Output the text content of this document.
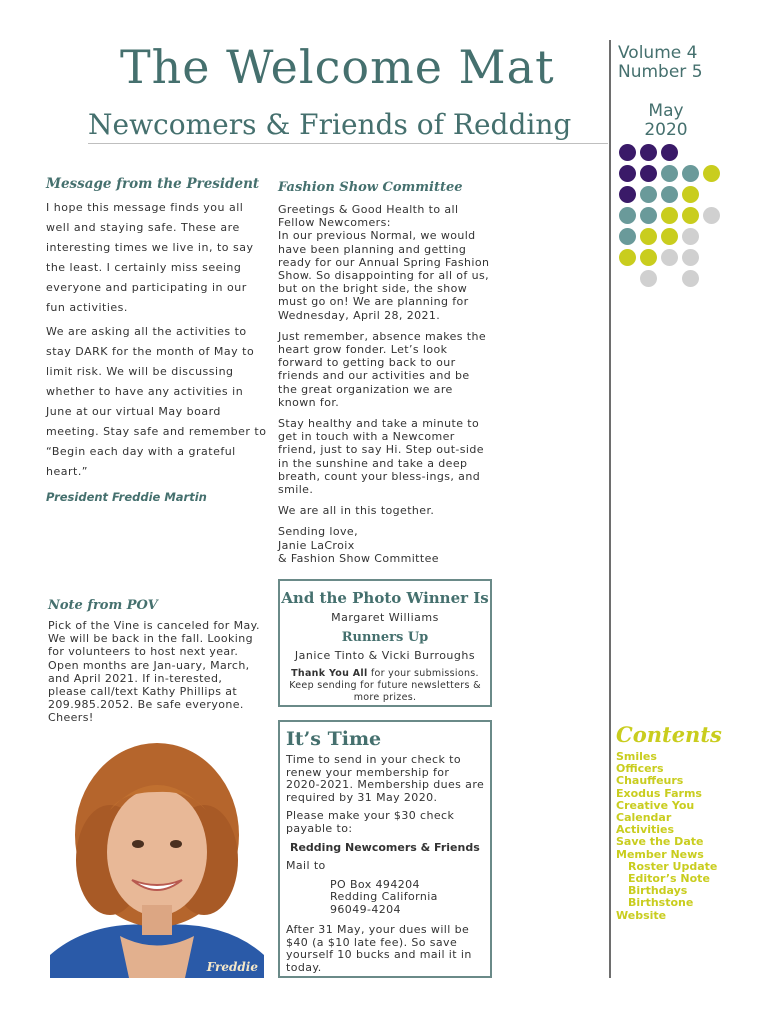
The Welcome Mat
Newcomers & Friends of Redding
Volume 4
Number 5
May
2020
Message from the President

I hope this message finds you all well and staying safe. These are interesting times we live in, to say the least. I certainly miss seeing everyone and participating in our fun activities.

We are asking all the activities to stay DARK for the month of May to limit risk. We will be discussing whether to have any activities in June at our virtual May board meeting. Stay safe and remember to “Begin each day with a grateful heart.”

President Freddie Martin
Fashion Show Committee

Greetings & Good Health to all Fellow Newcomers:
In our previous Normal, we would have been planning and getting ready for our Annual Spring Fashion Show. So disappointing for all of us, but on the bright side, the show must go on! We are planning for Wednesday, April 28, 2021.

Just remember, absence makes the heart grow fonder. Let’s look forward to getting back to our friends and our activities and be the great organization we are known for.

Stay healthy and take a minute to get in touch with a Newcomer friend, just to say Hi. Step out-side in the sunshine and take a deep breath, count your bless-ings, and smile.

We are all in this together.

Sending love,
Janie LaCroix
& Fashion Show Committee

Note from POV

Pick of the Vine is canceled for May. We will be back in the fall. Looking for volunteers to host next year. Open months are Jan-uary, March, and April 2021. If in-terested, please call/text Kathy Phillips at 209.985.2052. Be safe everyone. Cheers!

And the Photo Winner Is
Margaret Williams
Runners Up
Janice Tinto & Vicki Burroughs
Thank You All for your submissions. Keep sending for future newsletters & more prizes.
It’s Time

Time to send in your check to renew your membership for 2020-2021. Membership dues are required by 31 May 2020.

Please make your $30 check payable to:

Redding Newcomers & Friends

Mail to

PO Box 494204
Redding California
96049-4204

After 31 May, your dues will be $40 (a $10 late fee). So save yourself 10 bucks and mail it in today.

Freddie
Contents
Smiles
Officers
Chauffeurs
Exodus Farms
Creative You
Calendar
Activities
Save the Date
Member News
Roster Update
Editor’s Note
Birthdays
Birthstone
Website
